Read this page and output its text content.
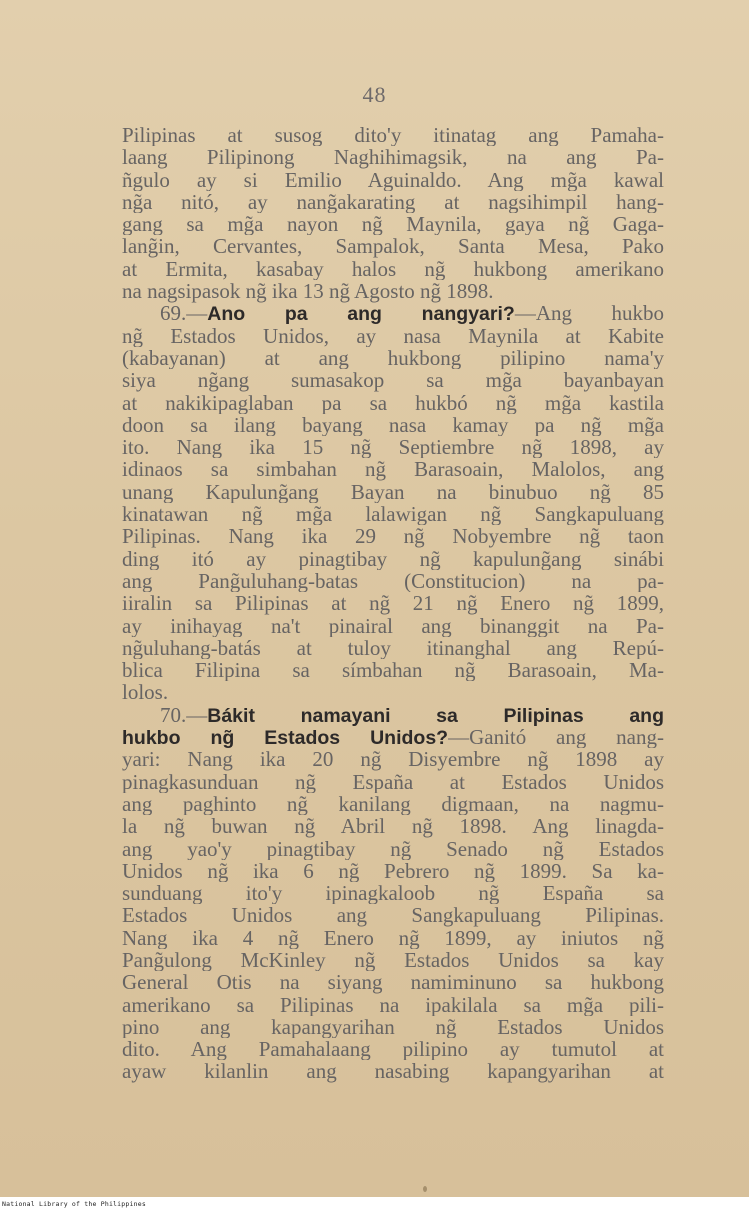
48
Pilipinas at susog dito'y itinatag ang Pamaha-
laang Pilipinong Naghihimagsik, na ang Pa-
ñgulo ay si Emilio Aguinaldo. Ang mg̃a kawal
ng̃a nitó, ay nang̃akarating at nagsihimpil hang-
gang sa mg̃a nayon ng̃ Maynila, gaya ng̃ Gaga-
lang̃in, Cervantes, Sampalok, Santa Mesa, Pako
at Ermita, kasabay halos ng̃ hukbong amerikano
na nagsipasok ng̃ ika 13 ng̃ Agosto ng̃ 1898.
69.—Ano pa ang nangyari?—Ang hukbo
ng̃ Estados Unidos, ay nasa Maynila at Kabite
(kabayanan) at ang hukbong pilipino nama'y
siya ng̃ang sumasakop sa mg̃a bayanbayan
at nakikipaglaban pa sa hukbó ng̃ mg̃a kastila
doon sa ilang bayang nasa kamay pa ng̃ mg̃a
ito. Nang ika 15 ng̃ Septiembre ng̃ 1898, ay
idinaos sa simbahan ng̃ Barasoain, Malolos, ang
unang Kapulung̃ang Bayan na binubuo ng̃ 85
kinatawan ng̃ mg̃a lalawigan ng̃ Sangkapuluang
Pilipinas. Nang ika 29 ng̃ Nobyembre ng̃ taon
ding itó ay pinagtibay ng̃ kapulung̃ang sinábi
ang Pang̃uluhang-batas (Constitucion) na pa-
iiralin sa Pilipinas at ng̃ 21 ng̃ Enero ng̃ 1899,
ay inihayag na't pinairal ang binanggit na Pa-
ng̃uluhang-batás at tuloy itinanghal ang Repú-
blica Filipina sa símbahan ng̃ Barasoain, Ma-
lolos.
70.—Bákit namayani sa Pilipinas ang
hukbo ng̃ Estados Unidos?—Ganitó ang nang-
yari: Nang ika 20 ng̃ Disyembre ng̃ 1898 ay
pinagkasunduan ng̃ España at Estados Unidos
ang paghinto ng̃ kanilang digmaan, na nagmu-
la ng̃ buwan ng̃ Abril ng̃ 1898. Ang linagda-
ang yao'y pinagtibay ng̃ Senado ng̃ Estados
Unidos ng̃ ika 6 ng̃ Pebrero ng̃ 1899. Sa ka-
sunduang ito'y ipinagkaloob ng̃ España sa
Estados Unidos ang Sangkapuluang Pilipinas.
Nang ika 4 ng̃ Enero ng̃ 1899, ay iniutos ng̃
Pang̃ulong McKinley ng̃ Estados Unidos sa kay
General Otis na siyang namiminuno sa hukbong
amerikano sa Pilipinas na ipakilala sa mg̃a pili-
pino ang kapangyarihan ng̃ Estados Unidos
dito. Ang Pamahalaang pilipino ay tumutol at
ayaw kilanlin ang nasabing kapangyarihan at
National Library of the Philippines
